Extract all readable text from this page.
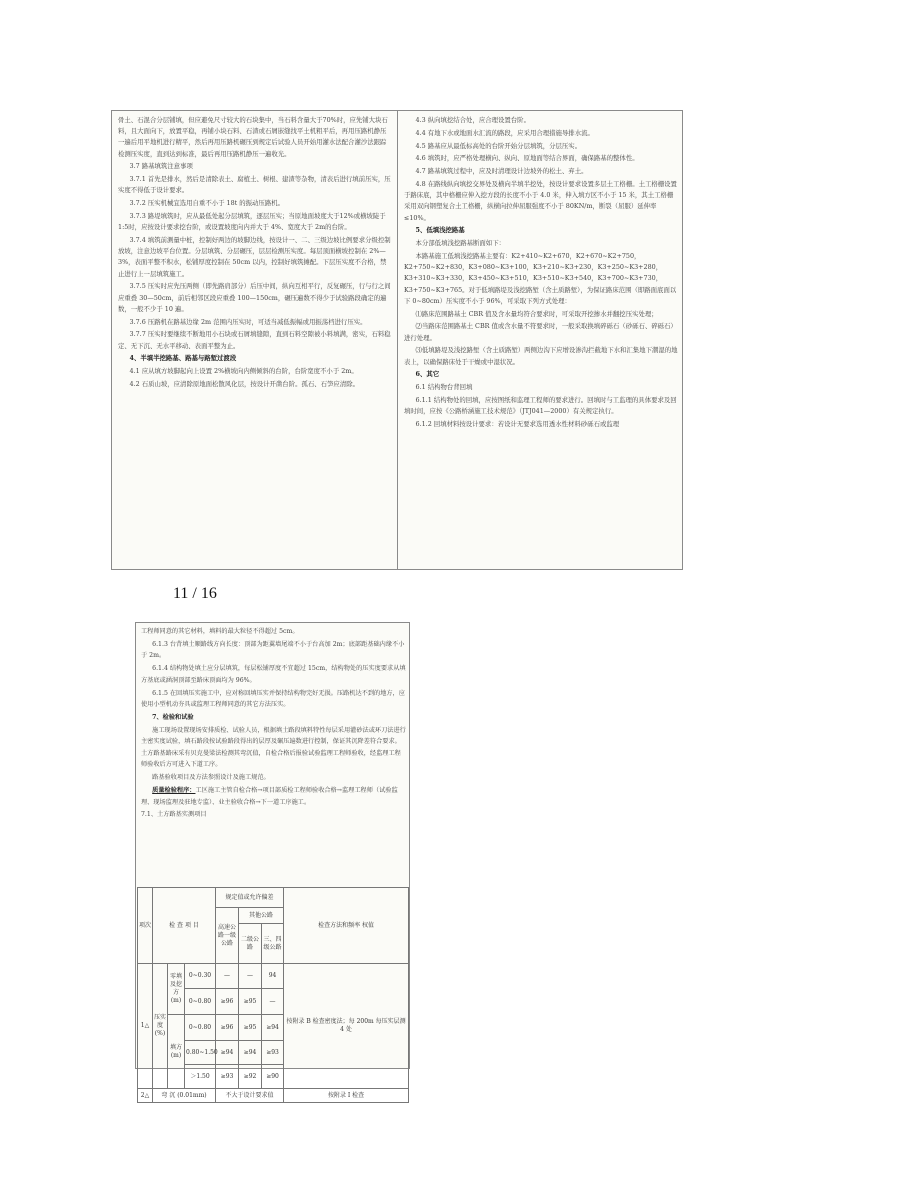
骨土、石混合分层铺填，但应避免尺寸较大的石块集中，当石料含量大于70%时，应先铺大块石料，且大面向下，放置平稳，再铺小块石料、石渣或石屑嵌缝找平土机粗平后，再用压路机静压一遍后用平地机进行精平，然后再用压路机碾压到规定后试验人员开始用灌水法配合灌沙法跟踪检测压实度，直到达到标准，最后再用压路机静压一遍收光。

3.7 路基填筑注意事项

3.7.1 首先是排水，然后是清除表土、腐植土、树根、建渣等杂物，清表后进行填前压实，压实度不得低于设计要求。

3.7.2 压实机械宜选用自重不小于 18t 的振动压路机。

3.7.3 路堤填筑时，应从最低处起分层填筑，逐层压实；当原地面坡度大于12%或横坡陡于1:5时，应按设计要求挖台阶，或设置坡度向内并大于 4%、宽度大于 2m的台阶。

3.7.4 填筑前测量中桩，控制好两边的坡脚边线，按设计一、二、三级边坡比例要求分级控制放坡，注意边坡平台位置。分层填筑、分层碾压，层层检测压实度。每层顶面横坡控制在 2%—3%，表面平整不积水，松铺厚度控制在 50cm 以内，控制好填筑摊配。下层压实度不合格，禁止进行上一层填筑施工。

3.7.5 压实时应先压两侧（即先路肩部分）后压中间，纵向互相平行，反复碾压，行与行之间应重叠 30—50cm，前后相邻区段应重叠 100—150cm，碾压遍数不得少于试验路段确定的遍数，一般不少于 10 遍。

3.7.6 压路机在路基边缘 2m 范围内压实时，可适当减低振幅或用振荡档进行压实。

3.7.7 压实时要继续不断地用小石块或石屑填缝隙，直到石料空隙被小料填满，密实，石料稳定、无下沉、无水平移动、表面平整为止。

4、半填半挖路基、路基与路堑过渡段

4.1 应从填方坡脚起向上设置 2%横坡向内侧倾斜的台阶，台阶宽度不小于 2m。

4.2 石质山坡，应清除原地面松散风化层，按设计开凿台阶。孤石、石笋应清除。

4.3 纵向填挖结合处，应合理设置台阶。

4.4 有地下水或地面水汇流的路段，应采用合理措施导排水流。

4.5 路基应从最低标高处的台阶开始分层填筑，分层压实。

4.6 填筑时，应严格处理横向、纵向、原地面等结合界面，确保路基的整体性。

4.7 路基填筑过程中，应及时清理设计边坡外的松土、弃土。

4.8 在路线纵向填挖交界处及横向半填半挖处，按设计要求设置多层土工格栅。土工格栅设置于路床底，其中格栅应伸入挖方段的长度不小于 4.0 米，伸入填方区不小于 15 米，其土工格栅采用双向钢塑复合土工格栅，纵横向拉伸屈服强度不小于 80KN/m，断裂（屈服）延伸率≤10%。

5、低填浅挖路基

本分部低填浅挖路基断面如下：

本路基施工低填浅挖路基主要有：K2+410~K2+670，K2+670~K2+750，K2+750~K2+830，K3+080~K3+100，K3+210~K3+230，K3+250~K3+280，K3+310~K3+330，K3+450~K3+510，K3+510~K3+540，K3+700~K3+730，K3+750~K3+765。对于低填路堤及浅挖路堑（含土质路堑），为保证路床范围（即路面底面以下 0~80cm）压实度不小于 96%，可采取下列方式处理：

⑴路床范围路基土 CBR 值及含水量均符合要求时，可采取开挖掺水并翻挖压实处理；

⑵当路床范围路基土 CBR 值或含水量不符要求时，一般采取换填碎砾石（砂砾石、碎砾石）进行处理。

⑶低填路堤及浅挖路堑（含土质路堑）两侧边沟下应增设渗沟拦截地下水和汇集地下潮湿的地表上，以确保路床处于干燥或中湿状况。

6、其它

6.1 结构物台背回填

6.1.1 结构物处的回填，应按图纸和监理工程师的要求进行。回填时与工监理的具体要求及回填时间，应按《公路桥涵施工技术规范》（JTJ041—2000）有关规定执行。

6.1.2 回填材料按设计要求：若设计无要求选用透水性材料砂砾石或监理

11 / 16

工程师同意的其它材料，填料的最大粒径不得超过 5cm。

6.1.3 台背填土顺路线方向长度：顶部为距翼墙尾端不小于台高加 2m；底部距基础内缘不小于 2m。

6.1.4 结构物处填土应分层填筑，每层松铺厚度不宜超过 15cm，结构物处的压实度要求从填方基底或涵洞顶部至路床顶面均为 96%。

6.1.5 在回填压实施工中，应对称回填压实并保持结构物完好无损。压路机达不到的地方，应使用小型机动夯具或监理工程师同意的其它方法压实。

7、检验和试验

施工现场设置现场安排质检、试验人员，根据填土路段填料特性每层采用灌砂法或环刀法进行主密实度试验，填石路段按试验路段得出的层厚及碾压遍数进行控制，保证其沉降差符合要求。土方路基路床采有贝克曼梁法检测其弯沉值，自检合格后报验试验监理工程师验收，经监理工程师验收后方可进入下道工序。

路基验收项目及方法参照设计及施工规范。

质量检验程序：工区施工主管自检合格→项目部质检工程师验收合格→监理工程师（试验监理、现场监理及驻地专监）、业主验收合格→下一道工序施工。

7.1、土方路基实测项目

项次	检 查 项 目			规定值或允许偏差			检查方法和频率 权值
				高速公路一级公路	其他公路		
					二级公路	三、四级公路	

1△	压实度(%)	零填及挖方(m)	0~0.30	—	—	94	按附录 B 检查密度法；每 200m 每压实层测 4 处
			0~0.80	≥96	≥95	—	
		填方(m)	0~0.80	≥96	≥95	≥94	
			0.80~1.50	≥94	≥94	≥93	
			＞1.50	≥93	≥92	≥90	
2△	弯 沉 (0.01mm)			不大于设计要求值			按附录 I 检查
